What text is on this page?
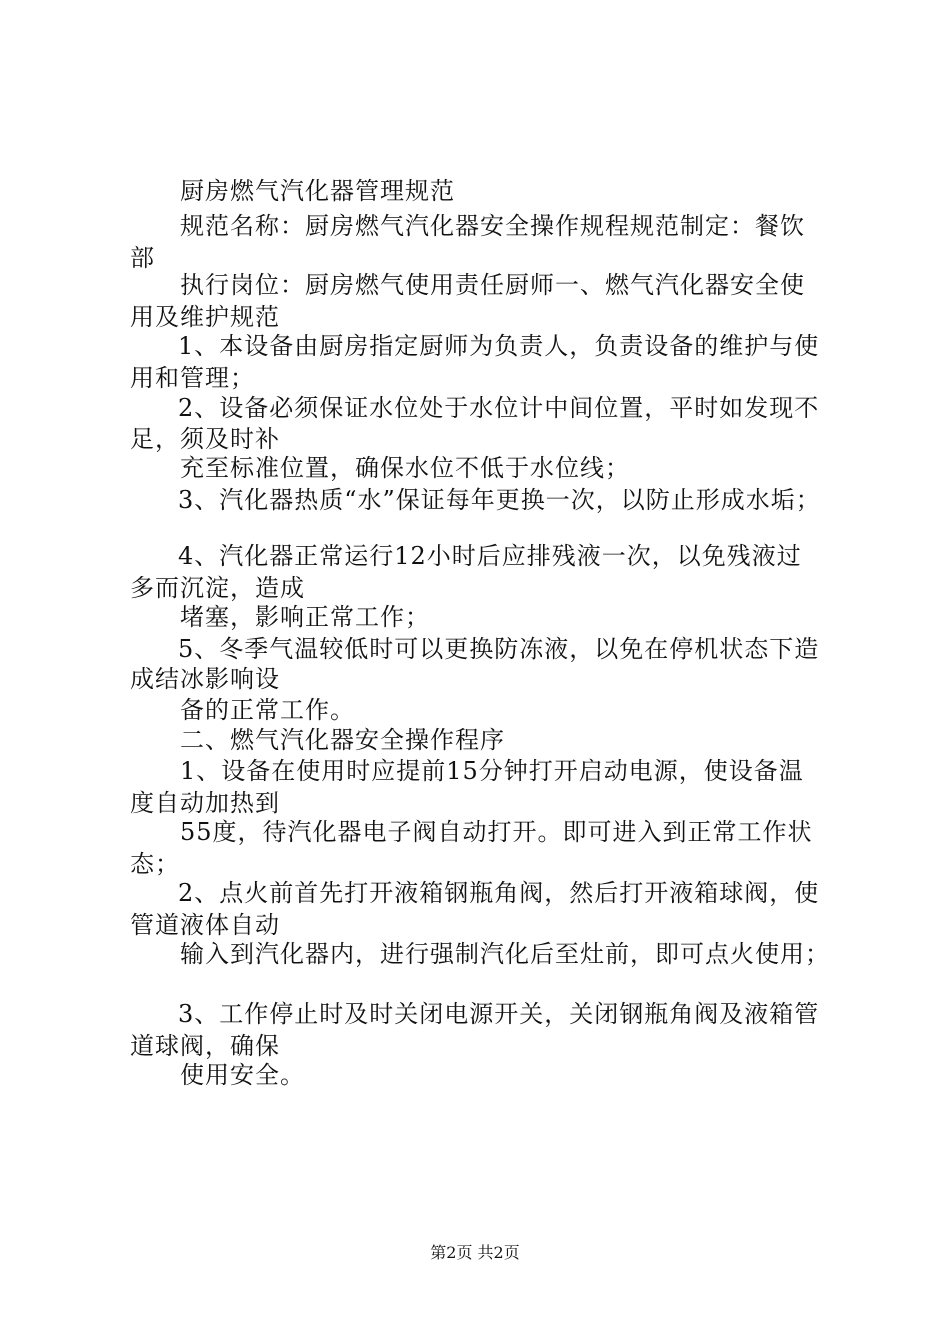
厨房燃气汽化器管理规范
规范名称：厨房燃气汽化器安全操作规程规范制定：餐饮
部
执行岗位：厨房燃气使用责任厨师一、燃气汽化器安全使
用及维护规范
1、本设备由厨房指定厨师为负责人，负责设备的维护与使
用和管理；
2、设备必须保证水位处于水位计中间位置，平时如发现不
足，须及时补
充至标准位置，确保水位不低于水位线；
3、汽化器热质“水”保证每年更换一次，以防止形成水垢；
4、汽化器正常运行12小时后应排残液一次，以免残液过
多而沉淀，造成
堵塞，影响正常工作；
5、冬季气温较低时可以更换防冻液，以免在停机状态下造
成结冰影响设
备的正常工作。
二、燃气汽化器安全操作程序
1、设备在使用时应提前15分钟打开启动电源，使设备温
度自动加热到
55度，待汽化器电子阀自动打开。即可进入到正常工作状
态；
2、点火前首先打开液箱钢瓶角阀，然后打开液箱球阀，使
管道液体自动
输入到汽化器内，进行强制汽化后至灶前，即可点火使用；
3、工作停止时及时关闭电源开关，关闭钢瓶角阀及液箱管
道球阀，确保
使用安全。
第2页 共2页
